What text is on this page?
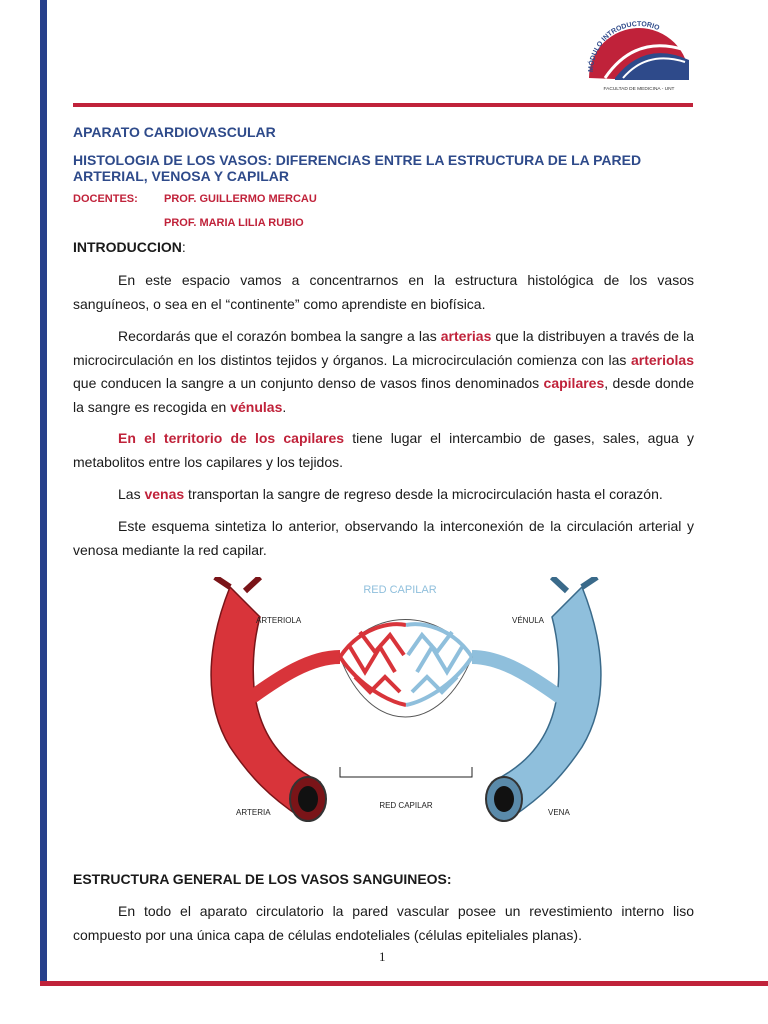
MÓDULO INTRODUCTORIO
FACULTAD DE MEDICINA - UNT
APARATO CARDIOVASCULAR
HISTOLOGIA DE LOS VASOS: DIFERENCIAS ENTRE LA ESTRUCTURA DE LA PARED
ARTERIAL, VENOSA Y CAPILAR
DOCENTES: PROF. GUILLERMO MERCAU
PROF. MARIA LILIA RUBIO
INTRODUCCION:

En este espacio vamos a concentrarnos en la estructura histológica de los vasos sanguíneos, o sea en el “continente” como aprendiste en biofísica.

Recordarás que el corazón bombea la sangre a las arterias que la distribuyen a través de la microcirculación en los distintos tejidos y órganos. La microcirculación comienza con las arteriolas que conducen la sangre a un conjunto denso de vasos finos denominados capilares, desde donde la sangre es recogida en vénulas.

En el territorio de los capilares tiene lugar el intercambio de gases, sales, agua y metabolitos entre los capilares y los tejidos.

Las venas transportan la sangre de regreso desde la microcirculación hasta el corazón.

Este esquema sintetiza lo anterior, observando la interconexión de la circulación arterial y venosa mediante la red capilar.

RED CAPILAR
ARTERIOLA	VÉNULA
ARTERIA	VENA
RED CAPILAR
ESTRUCTURA GENERAL DE LOS VASOS SANGUINEOS:

En todo el aparato circulatorio la pared vascular posee un revestimiento interno liso compuesto por una única capa de células endoteliales (células epiteliales planas).

1
